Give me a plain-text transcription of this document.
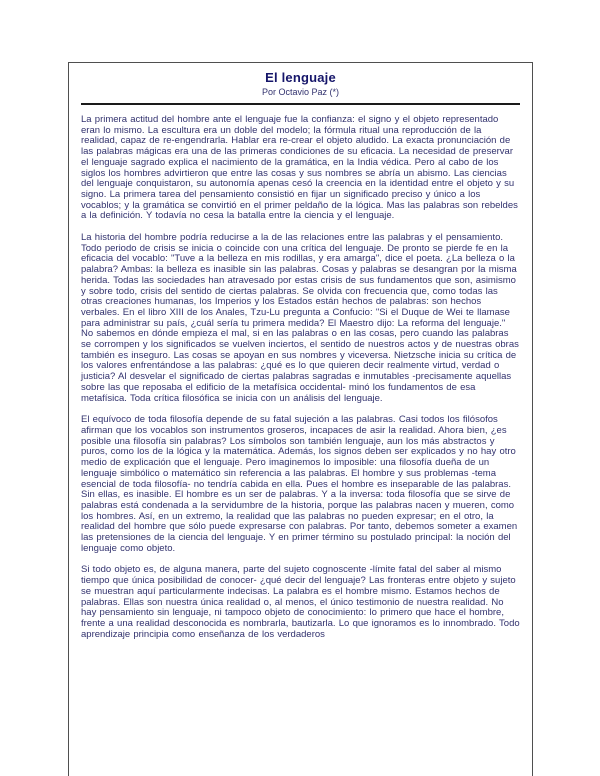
El lenguaje
Por Octavio Paz (*)

La primera actitud del hombre ante el lenguaje fue la confianza: el signo y el objeto representado eran lo mismo. La escultura era un doble del modelo; la fórmula ritual una reproducción de la realidad, capaz de re-engendrarla. Hablar era re-crear el objeto aludido. La exacta pronunciación de las palabras mágicas era una de las primeras condiciones de su eficacia. La necesidad de preservar el lenguaje sagrado explica el nacimiento de la gramática, en la India védica. Pero al cabo de los siglos los hombres advirtieron que entre las cosas y sus nombres se abría un abismo. Las ciencias del lenguaje conquistaron, su autonomía apenas cesó la creencia en la identidad entre el objeto y su signo. La primera tarea del pensamiento consistió en fijar un significado preciso y único a los vocablos; y la gramática se convirtió en el primer peldaño de la lógica. Mas las palabras son rebeldes a la definición. Y todavía no cesa la batalla entre la ciencia y el lenguaje.

La historia del hombre podría reducirse a la de las relaciones entre las palabras y el pensamiento. Todo periodo de crisis se inicia o coincide con una crítica del lenguaje. De pronto se pierde fe en la eficacia del vocablo: "Tuve a la belleza en mis rodillas, y era amarga", dice el poeta. ¿La belleza o la palabra? Ambas: la belleza es inasible sin las palabras. Cosas y palabras se desangran por la misma herida. Todas las sociedades han atravesado por estas crisis de sus fundamentos que son, asimismo y sobre todo, crisis del sentido de ciertas palabras. Se olvida con frecuencia que, como todas las otras creaciones humanas, los Imperios y los Estados están hechos de palabras: son hechos verbales. En el libro XIII de los Anales, Tzu-Lu pregunta a Confucio: "Si el Duque de Wei te llamase para administrar su país, ¿cuál sería tu primera medida? El Maestro dijo: La reforma del lenguaje." No sabemos en dónde empieza el mal, si en las palabras o en las cosas, pero cuando las palabras se corrompen y los significados se vuelven inciertos, el sentido de nuestros actos y de nuestras obras también es inseguro. Las cosas se apoyan en sus nombres y viceversa. Nietzsche inicia su crítica de los valores enfrentándose a las palabras: ¿qué es lo que quieren decir realmente virtud, verdad o justicia? Al desvelar el significado de ciertas palabras sagradas e inmutables -precisamente aquellas sobre las que reposaba el edificio de la metafísica occidental- minó los fundamentos de esa metafísica. Toda crítica filosófica se inicia con un análisis del lenguaje.

El equívoco de toda filosofía depende de su fatal sujeción a las palabras. Casi todos los filósofos afirman que los vocablos son instrumentos groseros, incapaces de asir la realidad. Ahora bien, ¿es posible una filosofía sin palabras? Los símbolos son también lenguaje, aun los más abstractos y puros, como los de la lógica y la matemática. Además, los signos deben ser explicados y no hay otro medio de explicación que el lenguaje. Pero imaginemos lo imposible: una filosofía dueña de un lenguaje simbólico o matemático sin referencia a las palabras. El hombre y sus problemas -tema esencial de toda filosofía- no tendría cabida en ella. Pues el hombre es inseparable de las palabras. Sin ellas, es inasible. El hombre es un ser de palabras. Y a la inversa: toda filosofía que se sirve de palabras está condenada a la servidumbre de la historia, porque las palabras nacen y mueren, como los hombres. Así, en un extremo, la realidad que las palabras no pueden expresar; en el otro, la realidad del hombre que sólo puede expresarse con palabras. Por tanto, debemos someter a examen las pretensiones de la ciencia del lenguaje. Y en primer término su postulado principal: la noción del lenguaje como objeto.

Si todo objeto es, de alguna manera, parte del sujeto cognoscente -límite fatal del saber al mismo tiempo que única posibilidad de conocer- ¿qué decir del lenguaje? Las fronteras entre objeto y sujeto se muestran aquí particularmente indecisas. La palabra es el hombre mismo. Estamos hechos de palabras. Ellas son nuestra única realidad o, al menos, el único testimonio de nuestra realidad. No hay pensamiento sin lenguaje, ni tampoco objeto de conocimiento: lo primero que hace el hombre, frente a una realidad desconocida es nombrarla, bautizarla. Lo que ignoramos es lo innombrado. Todo aprendizaje principia como enseñanza de los verdaderos
